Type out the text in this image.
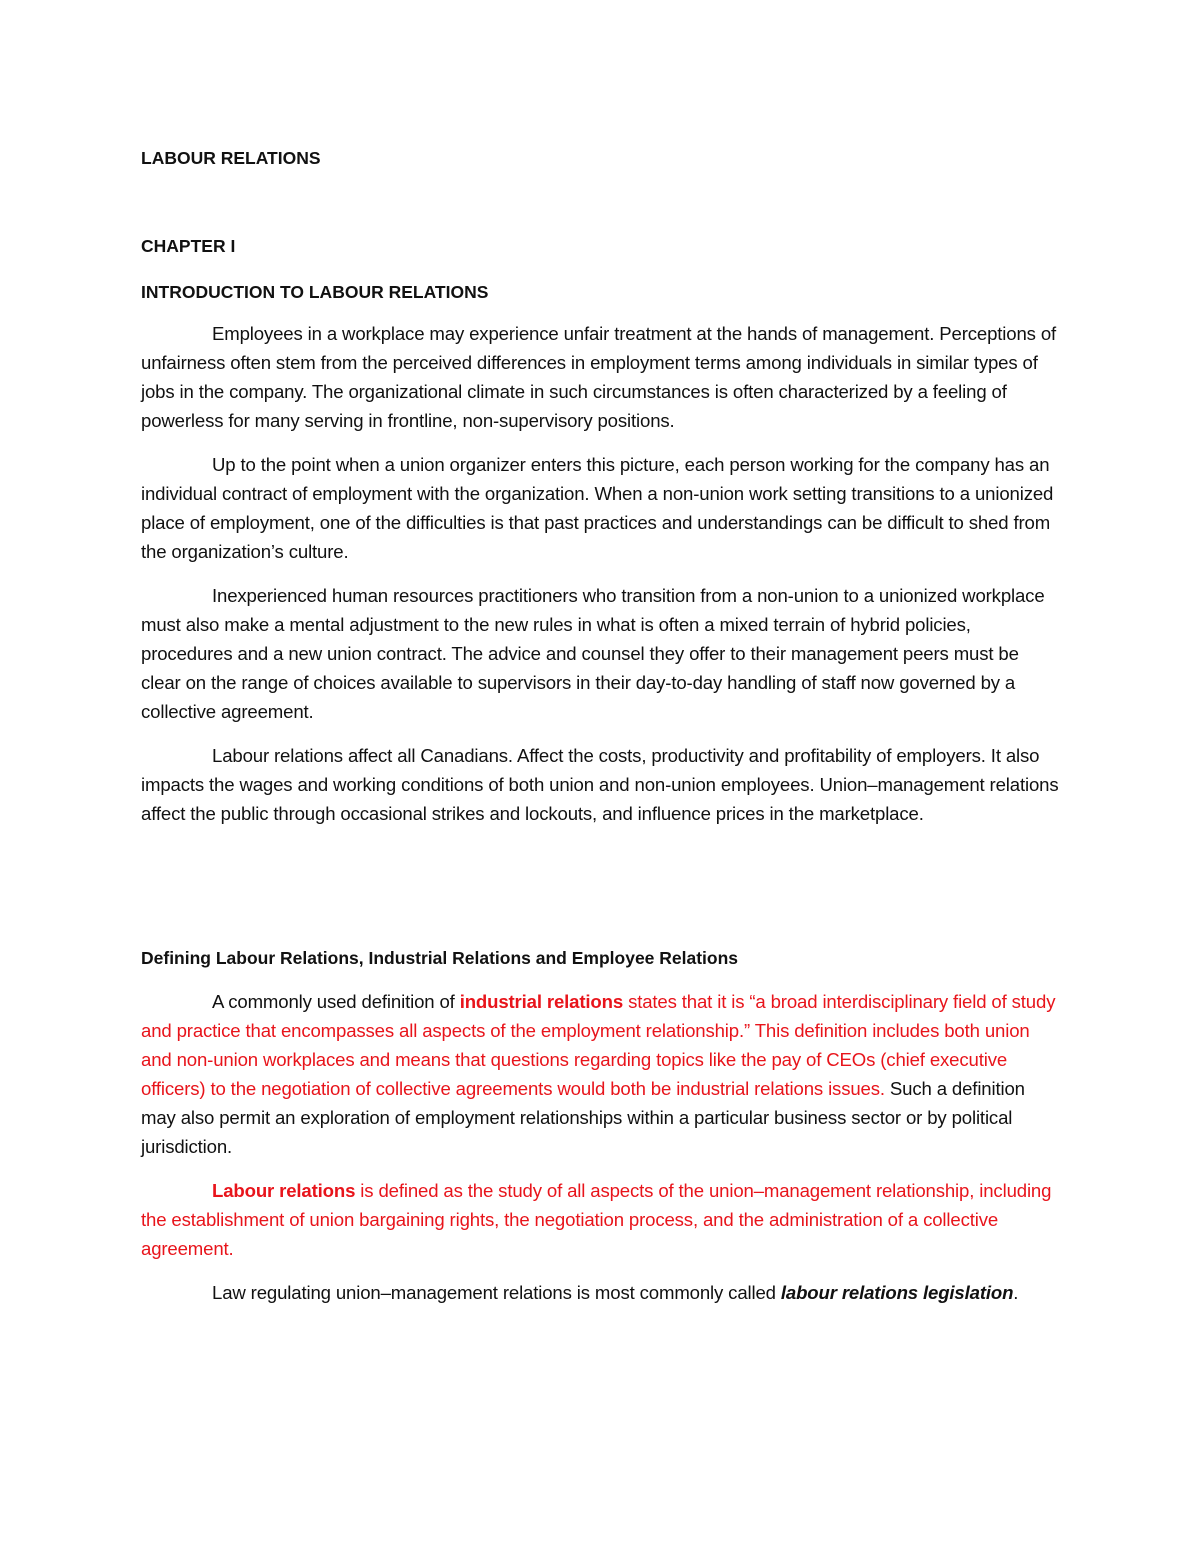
LABOUR RELATIONS
CHAPTER I
INTRODUCTION TO LABOUR RELATIONS

Employees in a workplace may experience unfair treatment at the hands of management. Perceptions of unfairness often stem from the perceived differences in employment terms among individuals in similar types of jobs in the company. The organizational climate in such circumstances is often characterized by a feeling of powerless for many serving in frontline, non-supervisory positions.

Up to the point when a union organizer enters this picture, each person working for the company has an individual contract of employment with the organization. When a non-union work setting transitions to a unionized place of employment, one of the difficulties is that past practices and understandings can be difficult to shed from the organization’s culture.

Inexperienced human resources practitioners who transition from a non-union to a unionized workplace must also make a mental adjustment to the new rules in what is often a mixed terrain of hybrid policies, procedures and a new union contract. The advice and counsel they offer to their management peers must be clear on the range of choices available to supervisors in their day-to-day handling of staff now governed by a collective agreement.

Labour relations affect all Canadians. Affect the costs, productivity and profitability of employers. It also impacts the wages and working conditions of both union and non-union employees. Union–management relations affect the public through occasional strikes and lockouts, and influence prices in the marketplace.

Defining Labour Relations, Industrial Relations and Employee Relations

A commonly used definition of industrial relations states that it is “a broad interdisciplinary field of study and practice that encompasses all aspects of the employment relationship.” This definition includes both union and non-union workplaces and means that questions regarding topics like the pay of CEOs (chief executive officers) to the negotiation of collective agreements would both be industrial relations issues. Such a definition may also permit an exploration of employment relationships within a particular business sector or by political jurisdiction.

Labour relations is defined as the study of all aspects of the union–management relationship, including the establishment of union bargaining rights, the negotiation process, and the administration of a collective agreement.

Law regulating union–management relations is most commonly called labour relations legislation.
